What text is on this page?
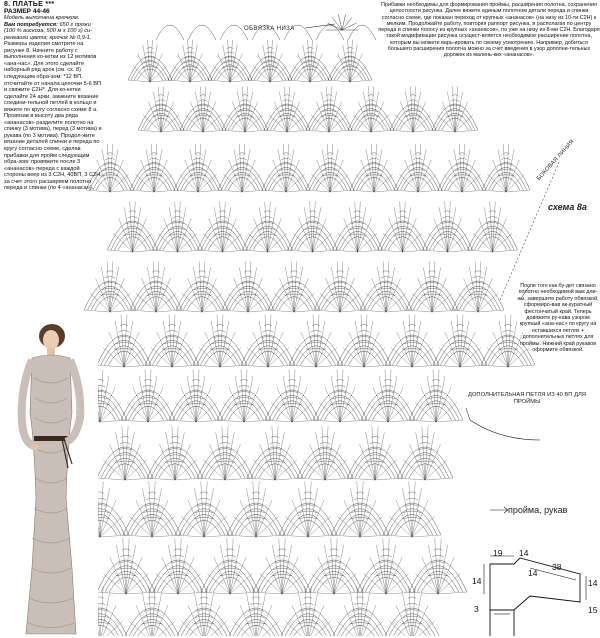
8. ПЛАТЬЕ ***
РАЗМЕР 44-46
Модель выполнена крючком.
Вам потребуется: 650 г пряжи
(100 % вискоза, 500 м x 100 г) си-реневого цвета; крючок № 0,9-1.
Размеры изделия смотрите на рисунке 8. Начните работу с выполнения ко-кетки из 12 мотивов «ана-нас». Для этого сделайте наборный ряд арок (см. сх. 8) следующим обра-зом: *12 ВП, отсчитайте от начала цепочки 5-6 ВП и свяжите С2Н*. Для ко-кетки сделайте 24 арки, замкните вязание соедини-тельной петлей в кольцо и вяжите по кругу согласно схеме 8 а. Провязав в высоту два ряда «ананасов» разделите полотно на спинку (3 мотива), перед (3 мотива) и рукава (по 3 мотива). Продол-жите вязание деталей спинки и переда по кругу согласно схеме, сделав прибавки для пройм следующим обра-зом: провяжите после 3 «ананасов» переда с каждой стороны веер из 3 С2Н, 40ВП, 3 С2Н, за счет этого расширяем полотно переда и спинки (по 4 «ананаса»).
Прибавки необходимы для формирования проймы, расширения полотна, сохранения целостности рисунка. Далее вяжите единым полотном детали переда и спинки согласно схеме, где показан переход от крупных «ананасов» (на низу из 10-ти С2Н) к мелким. Продолжайте работу, повторяя раппорт рисунка, и располагая по центру переда и спинки полосу из крупных «ананасов», по уже на низу из 8-ми С2Н. Благодаря такой модификации рисунка осущест-вляется необходимое расширение полотна, которым вы можете варь-ировать по своему усмотрению. Например, добиться большего расширения полотна можно за счет введения в узор дополни-тельных дорожек из малень-ких «ананасов».
После того как бу-дет связано полотно необходимой вам дли-ны, завершите работу обвязкой, сформиро-вав ак-куратный фестончатый край. Теперь довяжите ру-кава узором крупный «ана-нас» по кругу на оставшихся петлях + дополнительных петлях для проймы. Нижний край рукавов оформите обвязкой.
ОБВЯЗКА НИЗА
БОКОВАЯ ЛИНИЯ
схема 8а
ДОПОЛНИТЕЛЬНАЯ ПЕТЛЯ ИЗ 40 ВП ДЛЯ ПРОЙМЫ
пройма, рукав
19 14
14
38
14
3
14
15
